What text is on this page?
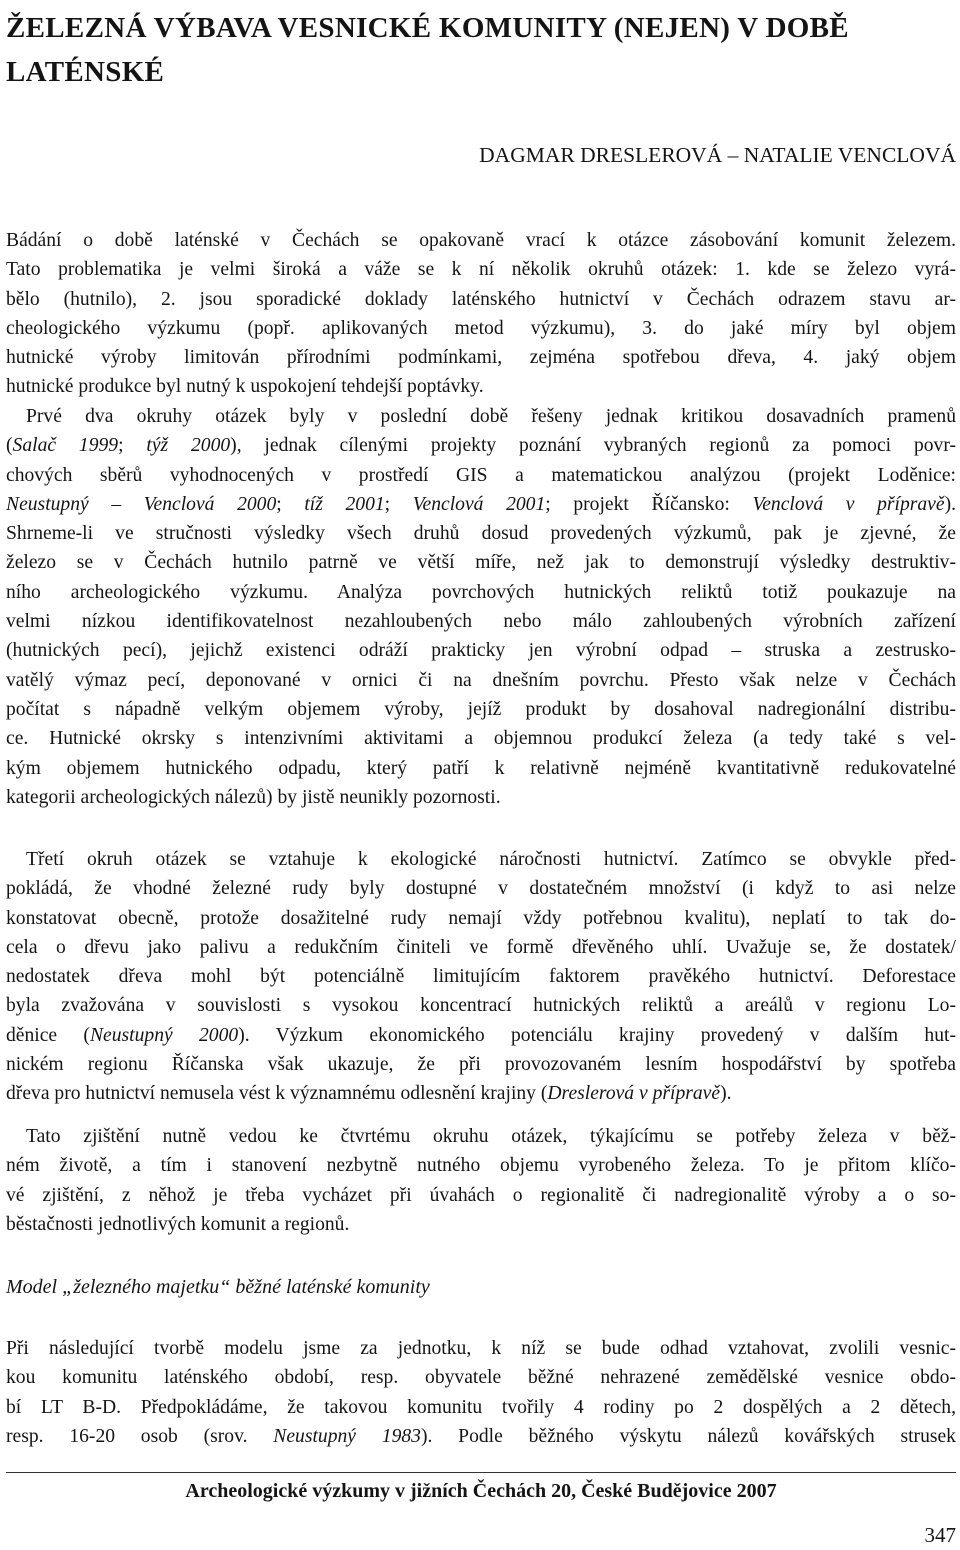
ŽELEZNÁ VÝBAVA VESNICKÉ KOMUNITY (NEJEN) V DOBĚ LATÉNSKÉ
DAGMAR DRESLEROVÁ – NATALIE VENCLOVÁ
Bádání o době laténské v Čechách se opakovaně vrací k otázce zásobování komunit železem.
Tato problematika je velmi široká a váže se k ní několik okruhů otázek: 1. kde se železo vyrá-
bělo (hutnilo), 2. jsou sporadické doklady laténského hutnictví v Čechách odrazem stavu ar-
cheologického výzkumu (popř. aplikovaných metod výzkumu), 3. do jaké míry byl objem
hutnické výroby limitován přírodními podmínkami, zejména spotřebou dřeva, 4. jaký objem
hutnické produkce byl nutný k uspokojení tehdejší poptávky.
Prvé dva okruhy otázek byly v poslední době řešeny jednak kritikou dosavadních pramenů
(Salač 1999; týž 2000), jednak cílenými projekty poznání vybraných regionů za pomoci povr-
chových sběrů vyhodnocených v prostředí GIS a matematickou analýzou (projekt Loděnice:
Neustupný – Venclová 2000; tíž 2001; Venclová 2001; projekt Říčansko: Venclová v přípravě).
Shrneme-li ve stručnosti výsledky všech druhů dosud provedených výzkumů, pak je zjevné, že
železo se v Čechách hutnilo patrně ve větší míře, než jak to demonstrují výsledky destruktiv-
ního archeologického výzkumu. Analýza povrchových hutnických reliktů totiž poukazuje na
velmi nízkou identifikovatelnost nezahloubených nebo málo zahloubených výrobních zařízení
(hutnických pecí), jejichž existenci odráží prakticky jen výrobní odpad – struska a zestrusko-
vatělý výmaz pecí, deponované v ornici či na dnešním povrchu. Přesto však nelze v Čechách
počítat s nápadně velkým objemem výroby, jejíž produkt by dosahoval nadregionální distribu-
ce. Hutnické okrsky s intenzivními aktivitami a objemnou produkcí železa (a tedy také s vel-
kým objemem hutnického odpadu, který patří k relativně nejméně kvantitativně redukovatelné
kategorii archeologických nálezů) by jistě neunikly pozornosti.
Třetí okruh otázek se vztahuje k ekologické náročnosti hutnictví. Zatímco se obvykle před-
pokládá, že vhodné železné rudy byly dostupné v dostatečném množství (i když to asi nelze
konstatovat obecně, protože dosažitelné rudy nemají vždy potřebnou kvalitu), neplatí to tak do-
cela o dřevu jako palivu a redukčním činiteli ve formě dřevěného uhlí. Uvažuje se, že dostatek/
nedostatek dřeva mohl být potenciálně limitujícím faktorem pravěkého hutnictví. Deforestace
byla zvažována v souvislosti s vysokou koncentrací hutnických reliktů a areálů v regionu Lo-
děnice (Neustupný 2000). Výzkum ekonomického potenciálu krajiny provedený v dalším hut-
nickém regionu Říčanska však ukazuje, že při provozovaném lesním hospodářství by spotřeba
dřeva pro hutnictví nemusela vést k významnému odlesnění krajiny (Dreslerová v přípravě).
Tato zjištění nutně vedou ke čtvrtému okruhu otázek, týkajícímu se potřeby železa v běž-
ném životě, a tím i stanovení nezbytně nutného objemu vyrobeného železa. To je přitom klíčo-
vé zjištění, z něhož je třeba vycházet při úvahách o regionalitě či nadregionalitě výroby a o so-
běstačnosti jednotlivých komunit a regionů.
Model „železného majetku“ běžné laténské komunity
Při následující tvorbě modelu jsme za jednotku, k níž se bude odhad vztahovat, zvolili vesnic-
kou komunitu laténského období, resp. obyvatele běžné nehrazené zemědělské vesnice obdo-
bí LT B-D. Předpokládáme, že takovou komunitu tvořily 4 rodiny po 2 dospělých a 2 dětech,
resp. 16-20 osob (srov. Neustupný 1983). Podle běžného výskytu nálezů kovářských strusek
Archeologické výzkumy v jižních Čechách 20, České Budějovice 2007
347
